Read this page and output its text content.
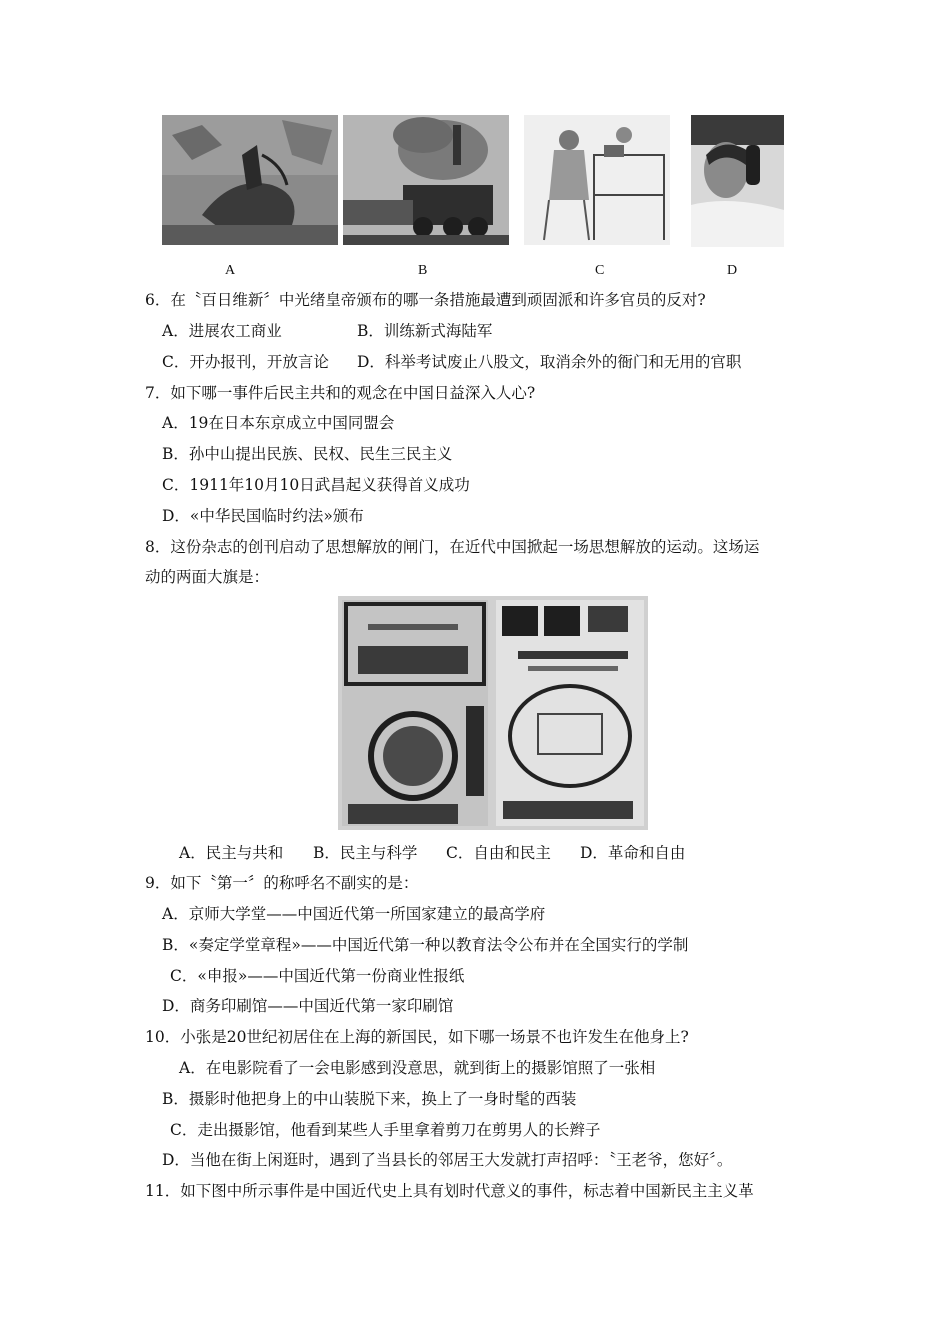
A	B	C	D
6．在〝百日维新〞中光绪皇帝颁布的哪一条措施最遭到顽固派和许多官员的反对?
A．进展农工商业	B．训练新式海陆军
C．开办报刊，开放言论 D．科举考试废止八股文，取消余外的衙门和无用的官职
7．如下哪一事件后民主共和的观念在中国日益深入人心?
A．19在日本东京成立中国同盟会
B．孙中山提出民族、民权、民生三民主义
C．1911年10月10日武昌起义获得首义成功
D．«中华民国临时约法»颁布
8．这份杂志的创刊启动了思想解放的闸门，在近代中国掀起一场思想解放的运动。这场运
动的两面大旗是：
A．民主与共和 B．民主与科学 C．自由和民主 D．革命和自由
9．如下〝第一〞的称呼名不副实的是：
A．京师大学堂——中国近代第一所国家建立的最高学府
B．«奏定学堂章程»——中国近代第一种以教育法令公布并在全国实行的学制
C．«申报»——中国近代第一份商业性报纸
D．商务印刷馆——中国近代第一家印刷馆
10．小张是20世纪初居住在上海的新国民，如下哪一场景不也许发生在他身上?
A．在电影院看了一会电影感到没意思，就到街上的摄影馆照了一张相
B．摄影时他把身上的中山装脱下来，换上了一身时髦的西装
C．走出摄影馆，他看到某些人手里拿着剪刀在剪男人的长辫子
D．当他在街上闲逛时，遇到了当县长的邻居王大发就打声招呼：〝王老爷，您好〞。
11．如下图中所示事件是中国近代史上具有划时代意义的事件，标志着中国新民主主义革
